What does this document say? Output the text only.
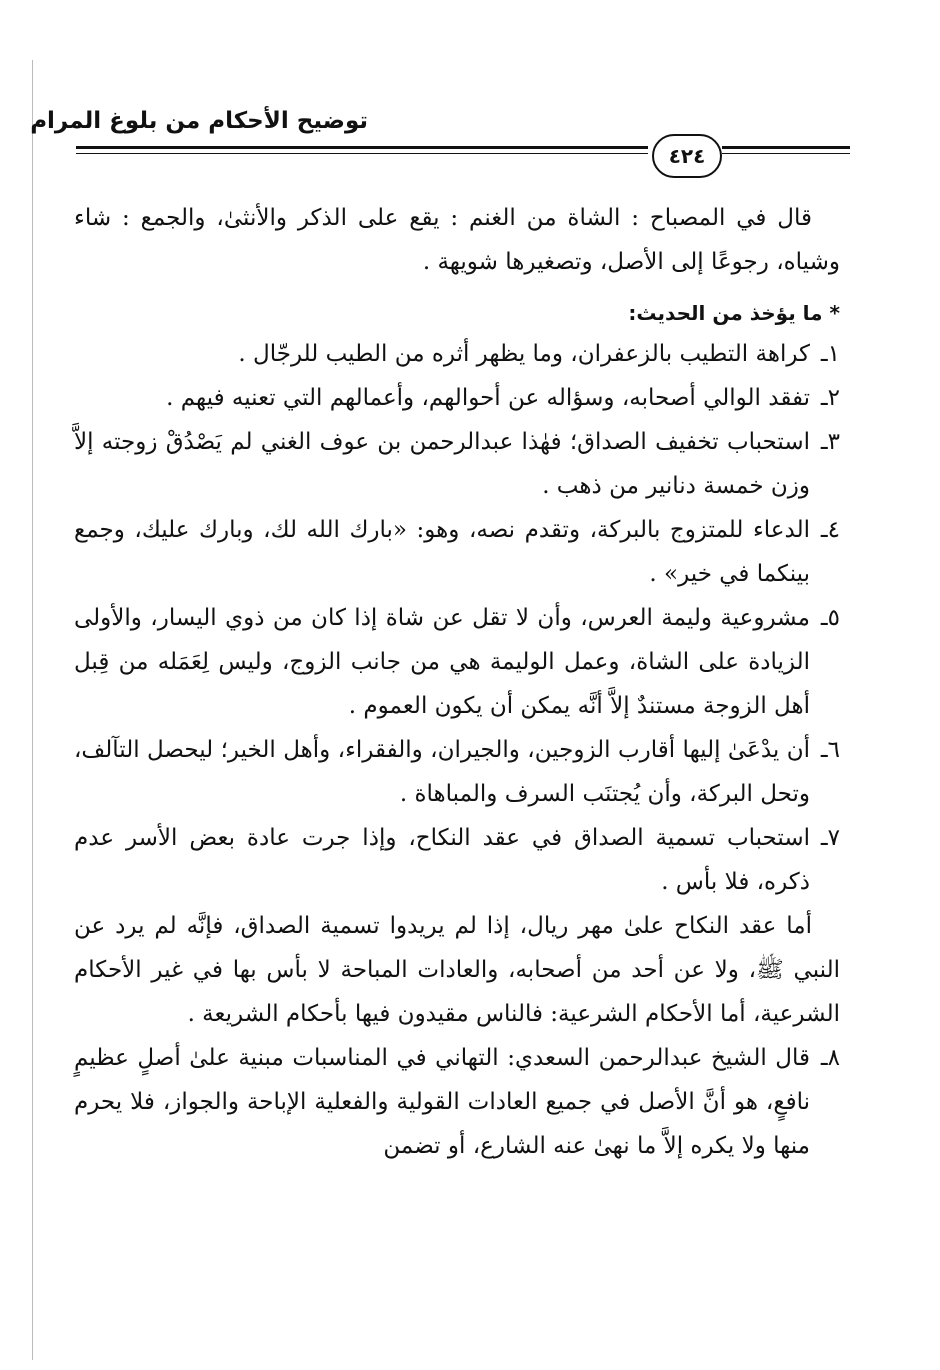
توضيح الأحكام من بلوغ المرام
٤٢٤

قال في المصباح : الشاة من الغنم : يقع على الذكر والأنثىٰ، والجمع : شاء وشياه، رجوعًا إلى الأصل، وتصغيرها شويهة .

* ما يؤخذ من الحديث:

١ـكراهة التطيب بالزعفران، وما يظهر أثره من الطيب للرجّال .

٢ـتفقد الوالي أصحابه، وسؤاله عن أحوالهم، وأعمالهم التي تعنيه فيهم .

٣ـاستحباب تخفيف الصداق؛ فهٰذا عبدالرحمن بن عوف الغني لم يَصْدُقْ زوجته إلاَّ وزن خمسة دنانير من ذهب .

٤ـالدعاء للمتزوج بالبركة، وتقدم نصه، وهو: «بارك الله لك، وبارك عليك، وجمع بينكما في خير» .

٥ـمشروعية وليمة العرس، وأن لا تقل عن شاة إذا كان من ذوي اليسار، والأولى الزيادة على الشاة، وعمل الوليمة هي من جانب الزوج، وليس لِعَمَله من قِبل أهل الزوجة مستندٌ إلاَّ أنَّه يمكن أن يكون العموم .

٦ـأن يدْعَىٰ إليها أقارب الزوجين، والجيران، والفقراء، وأهل الخير؛ ليحصل التآلف، وتحل البركة، وأن يُجتنَب السرف والمباهاة .

٧ـاستحباب تسمية الصداق في عقد النكاح، وإذا جرت عادة بعض الأسر عدم ذكره، فلا بأس .

أما عقد النكاح علىٰ مهر ريال، إذا لم يريدوا تسمية الصداق، فإنَّه لم يرد عن النبي ﷺ، ولا عن أحد من أصحابه، والعادات المباحة لا بأس بها في غير الأحكام الشرعية، أما الأحكام الشرعية: فالناس مقيدون فيها بأحكام الشريعة .

٨ـقال الشيخ عبدالرحمن السعدي: التهاني في المناسبات مبنية علىٰ أصلٍ عظيمٍ نافعٍ، هو أنَّ الأصل في جميع العادات القولية والفعلية الإباحة والجواز، فلا يحرم منها ولا يكره إلاَّ ما نهىٰ عنه الشارع، أو تضمن
